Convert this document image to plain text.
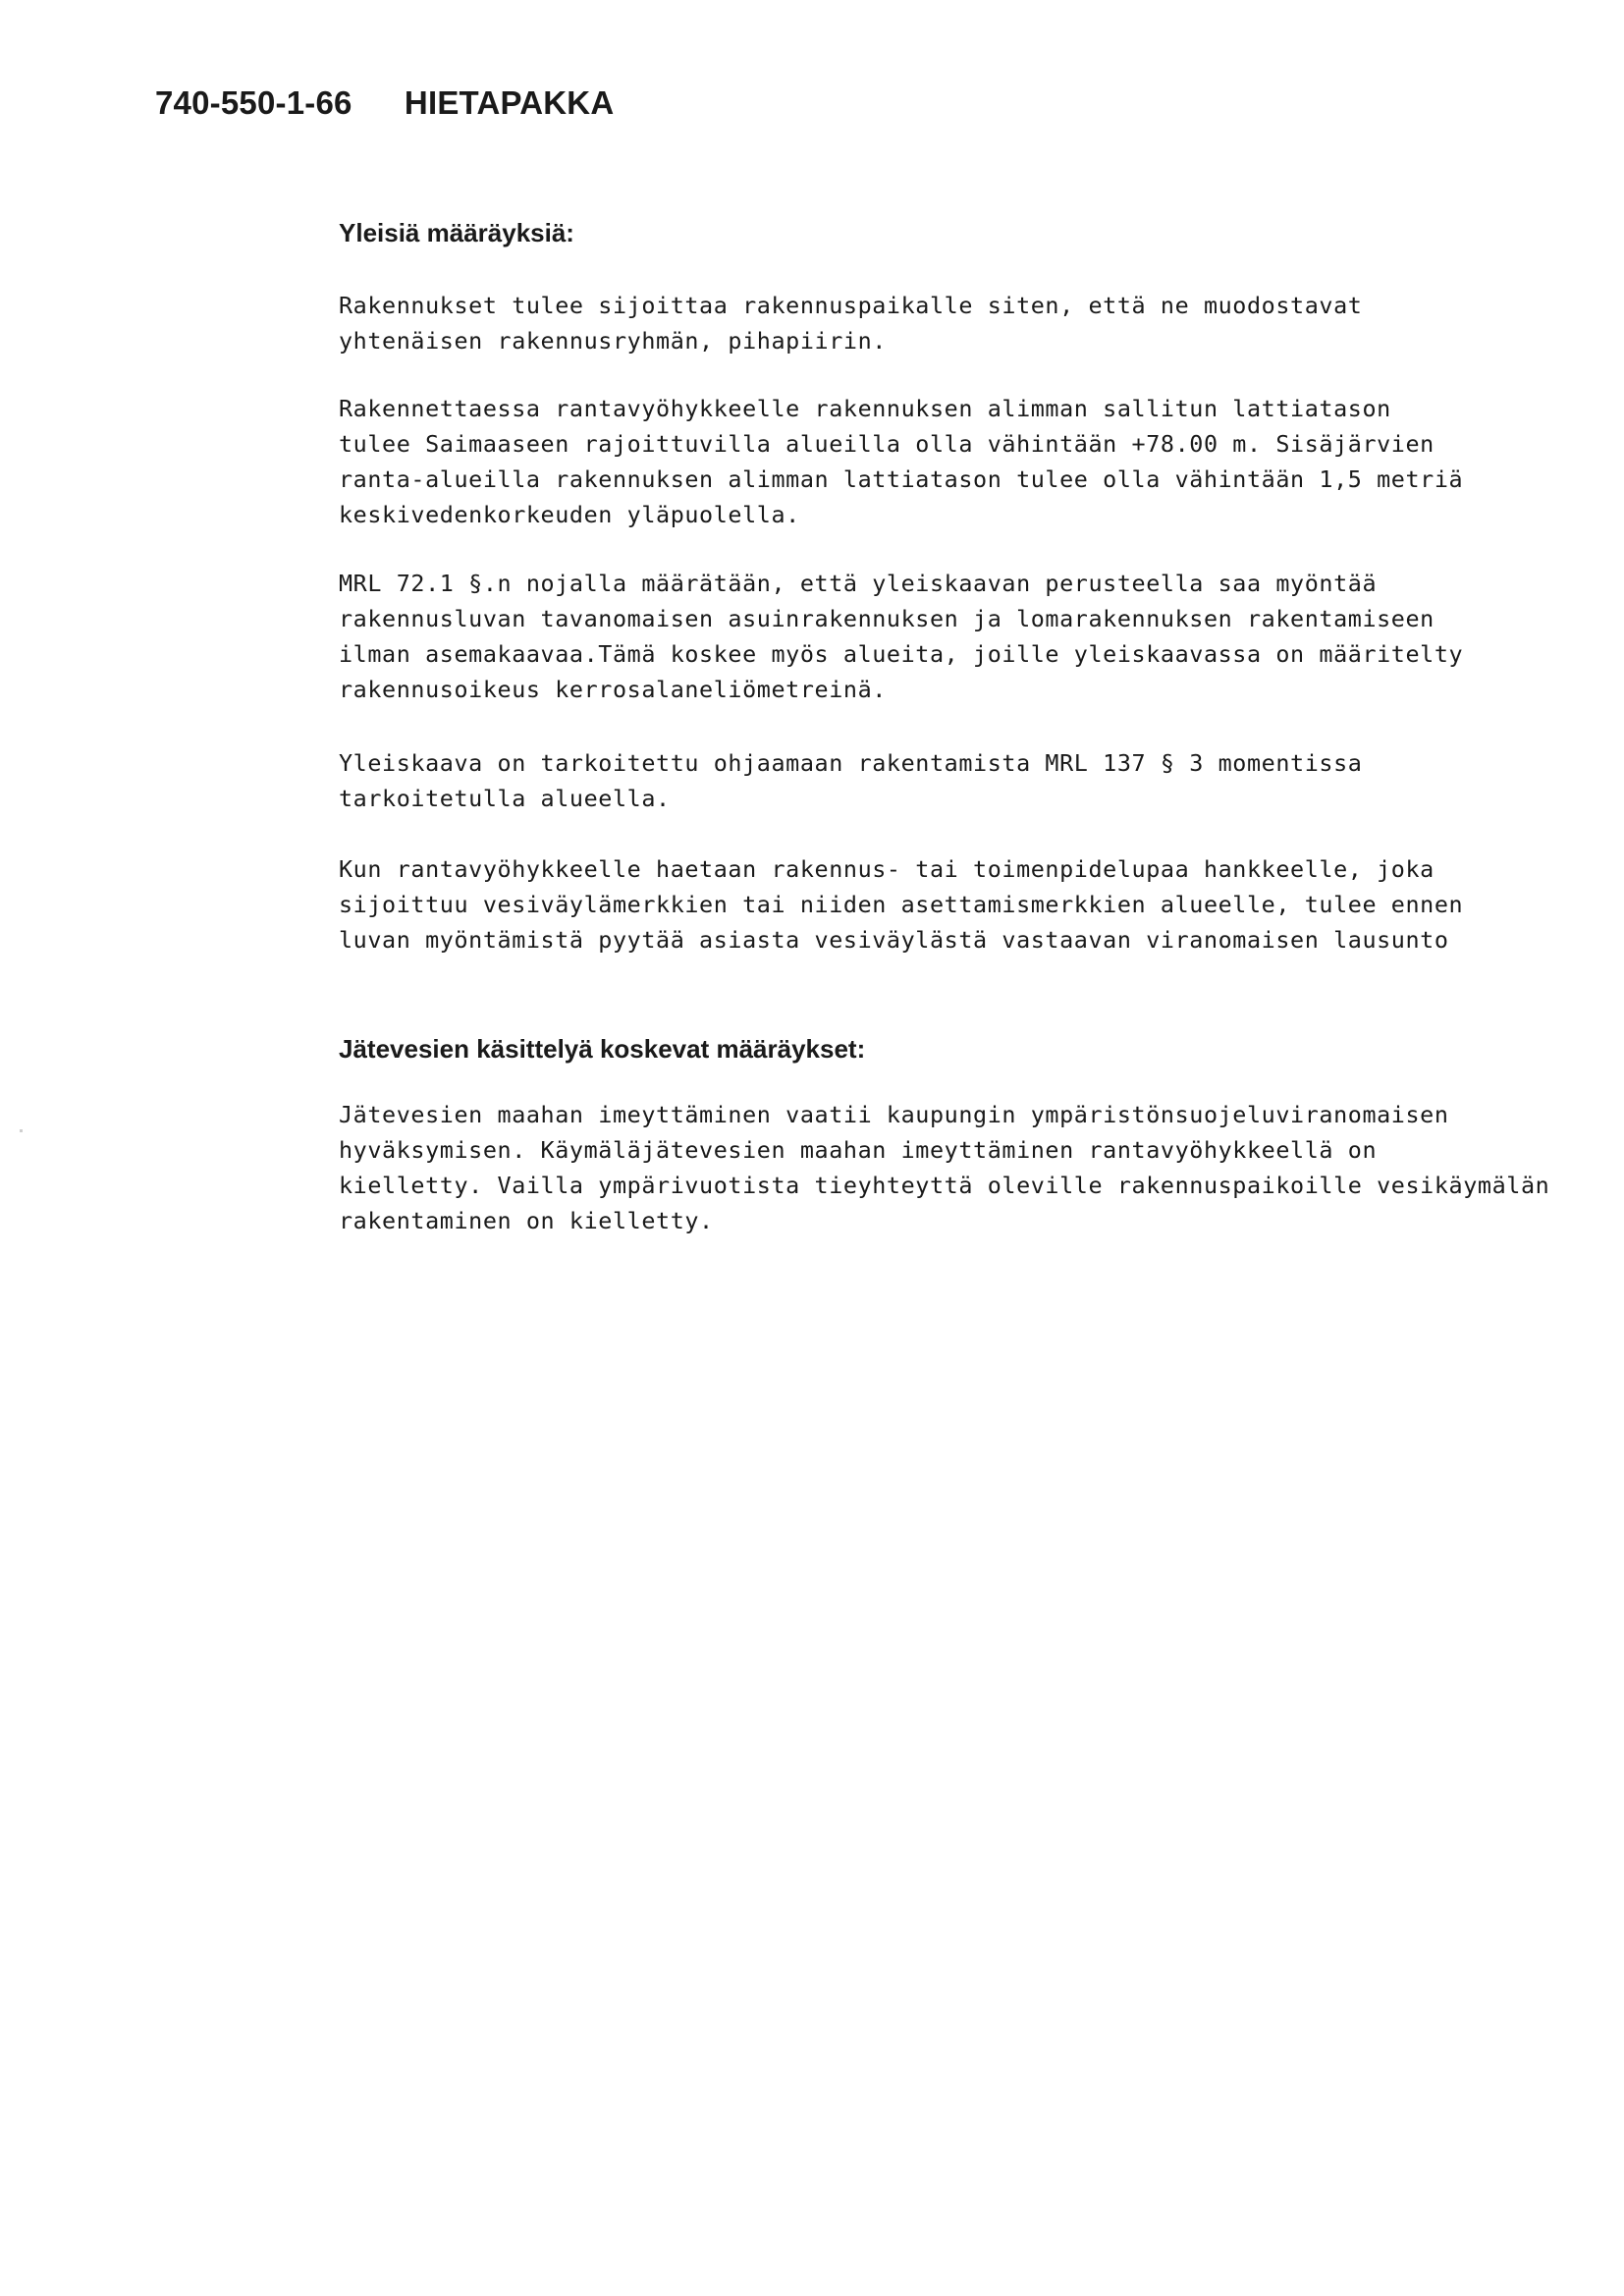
740-550-1-66 HIETAPAKKA
Yleisiä määräyksiä:
Rakennukset tulee sijoittaa rakennuspaikalle siten, että ne muodostavat
yhtenäisen rakennusryhmän, pihapiirin.
Rakennettaessa rantavyöhykkeelle rakennuksen alimman sallitun lattiatason
tulee Saimaaseen rajoittuvilla alueilla olla vähintään +78.00 m. Sisäjärvien
ranta-alueilla rakennuksen alimman lattiatason tulee olla vähintään 1,5 metriä
keskivedenkorkeuden yläpuolella.
MRL 72.1 §.n nojalla määrätään, että yleiskaavan perusteella saa myöntää
rakennusluvan tavanomaisen asuinrakennuksen ja lomarakennuksen rakentamiseen
ilman asemakaavaa.Tämä koskee myös alueita, joille yleiskaavassa on määritelty
rakennusoikeus kerrosalaneliömetreinä.
Yleiskaava on tarkoitettu ohjaamaan rakentamista MRL 137 § 3 momentissa
tarkoitetulla alueella.
Kun rantavyöhykkeelle haetaan rakennus- tai toimenpidelupaa hankkeelle, joka
sijoittuu vesiväylämerkkien tai niiden asettamismerkkien alueelle, tulee ennen
luvan myöntämistä pyytää asiasta vesiväylästä vastaavan viranomaisen lausunto
Jätevesien käsittelyä koskevat määräykset:
Jätevesien maahan imeyttäminen vaatii kaupungin ympäristönsuojeluviranomaisen
hyväksymisen. Käymäläjätevesien maahan imeyttäminen rantavyöhykkeellä on
kielletty. Vailla ympärivuotista tieyhteyttä oleville rakennuspaikoille vesikäymälän
rakentaminen on kielletty.
